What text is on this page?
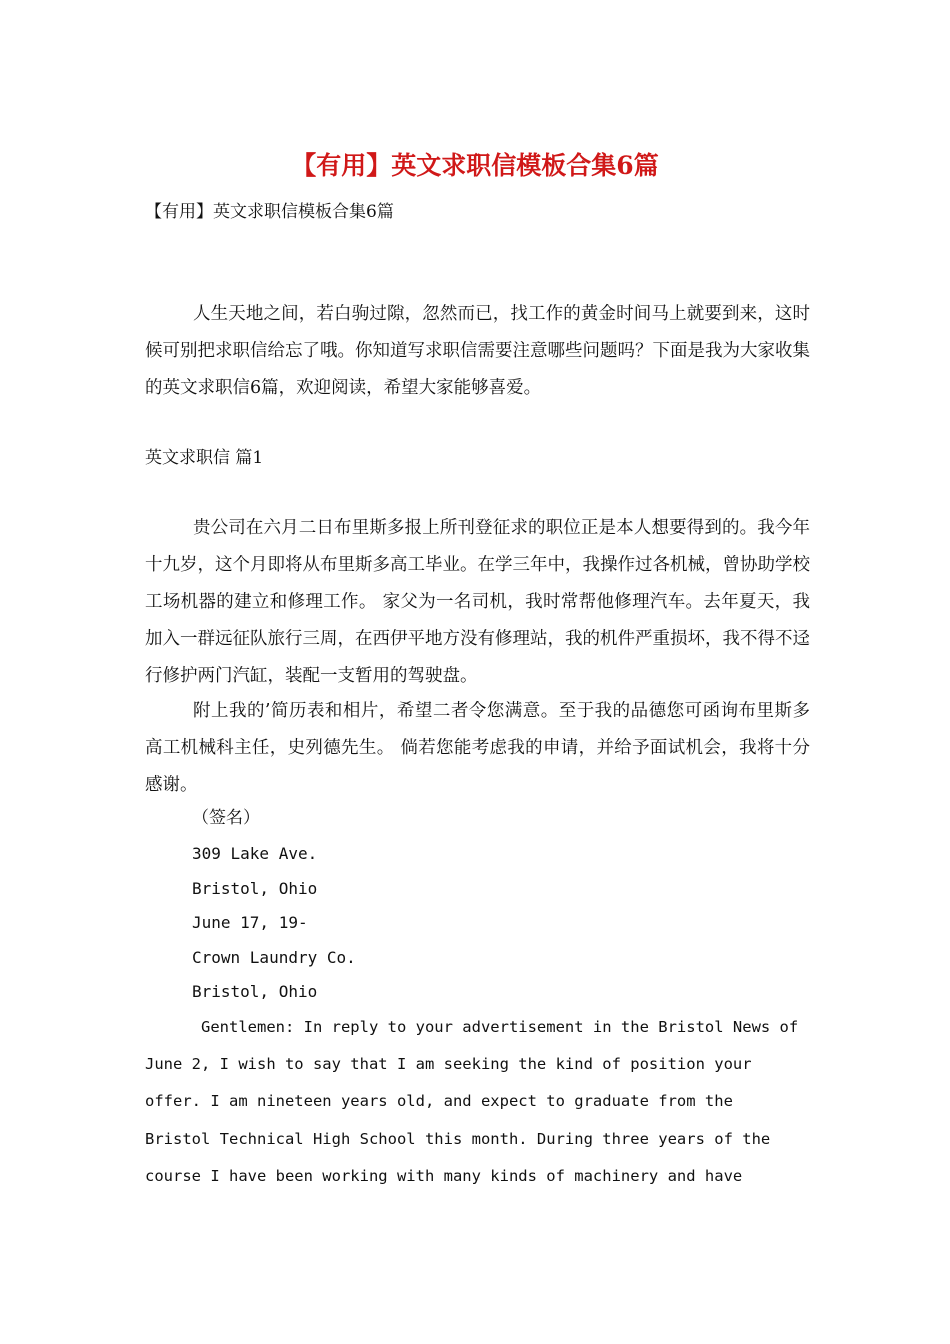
【有用】英文求职信模板合集6篇
【有用】英文求职信模板合集6篇

人生天地之间，若白驹过隙，忽然而已，找工作的黄金时间马上就要到来，这时候可别把求职信给忘了哦。你知道写求职信需要注意哪些问题吗？下面是我为大家收集的英文求职信6篇，欢迎阅读，希望大家能够喜爱。

英文求职信 篇1

贵公司在六月二日布里斯多报上所刊登征求的职位正是本人想要得到的。我今年十九岁，这个月即将从布里斯多高工毕业。在学三年中，我操作过各机械，曾协助学校工场机器的建立和修理工作。 家父为一名司机，我时常帮他修理汽车。去年夏天，我加入一群远征队旅行三周，在西伊平地方没有修理站，我的机件严重损坏，我不得不迳行修护两门汽缸，装配一支暂用的驾驶盘。

附上我的’简历表和相片，希望二者令您满意。至于我的品德您可函询布里斯多高工机械科主任，史列德先生。 倘若您能考虑我的申请，并给予面试机会，我将十分感谢。

（签名）
309 Lake Ave.
Bristol, Ohio
June 17, 19-
Crown Laundry Co.
Bristol, Ohio
Gentlemen: In reply to your advertisement in the Bristol News of
June 2, I wish to say that I am seeking the kind of position your
offer. I am nineteen years old, and expect to graduate from the
Bristol Technical High School this month. During three years of the
course I have been working with many kinds of machinery and have
